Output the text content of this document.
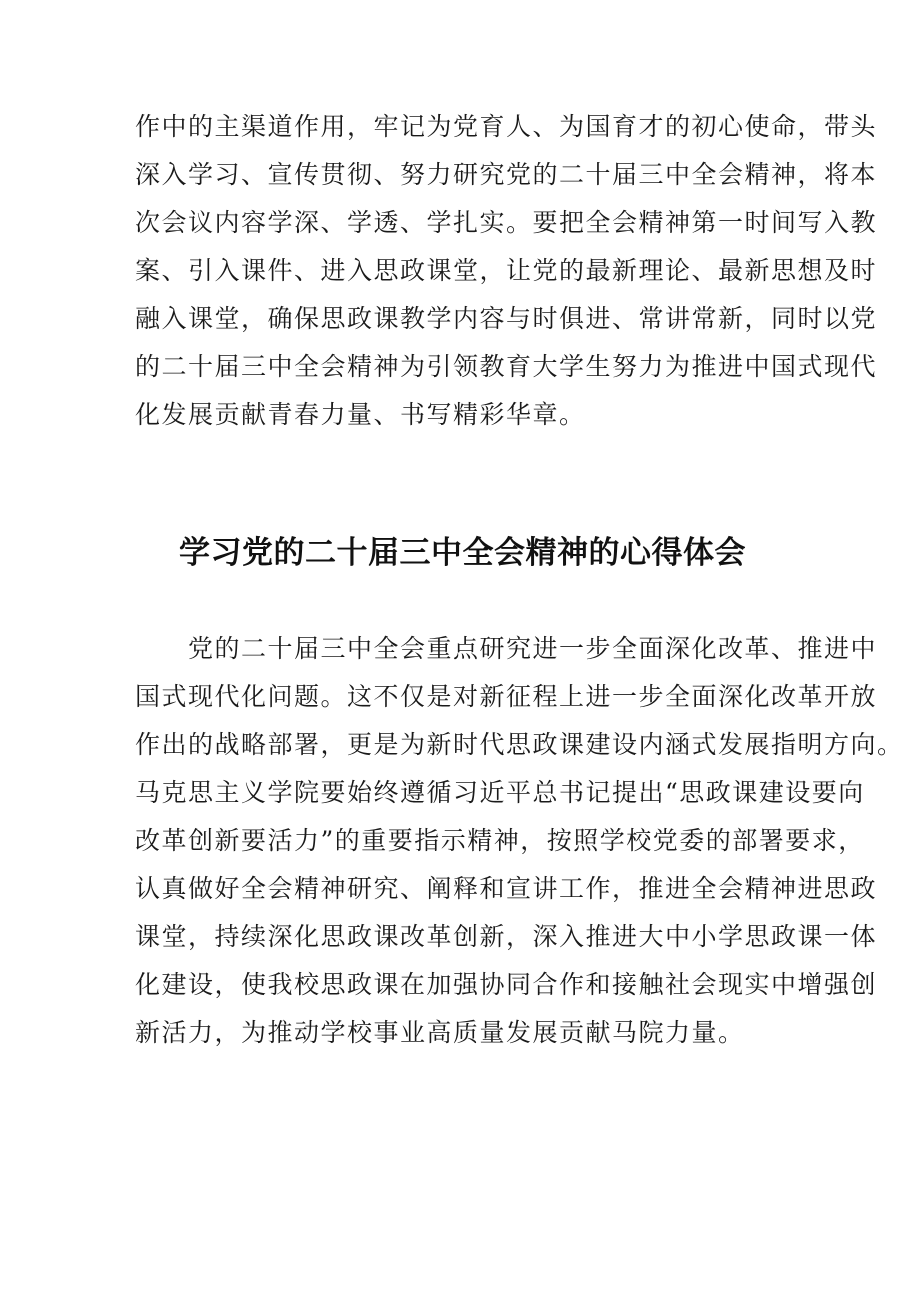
作中的主渠道作用，牢记为党育人、为国育才的初心使命，带头
深入学习、宣传贯彻、努力研究党的二十届三中全会精神，将本
次会议内容学深、学透、学扎实。要把全会精神第一时间写入教
案、引入课件、进入思政课堂，让党的最新理论、最新思想及时
融入课堂，确保思政课教学内容与时俱进、常讲常新，同时以党
的二十届三中全会精神为引领教育大学生努力为推进中国式现代
化发展贡献青春力量、书写精彩华章。
学习党的二十届三中全会精神的心得体会
　　党的二十届三中全会重点研究进一步全面深化改革、推进中
国式现代化问题。这不仅是对新征程上进一步全面深化改革开放
作出的战略部署，更是为新时代思政课建设内涵式发展指明方向。
马克思主义学院要始终遵循习近平总书记提出“思政课建设要向
改革创新要活力”的重要指示精神，按照学校党委的部署要求，
认真做好全会精神研究、阐释和宣讲工作，推进全会精神进思政
课堂，持续深化思政课改革创新，深入推进大中小学思政课一体
化建设，使我校思政课在加强协同合作和接触社会现实中增强创
新活力，为推动学校事业高质量发展贡献马院力量。
